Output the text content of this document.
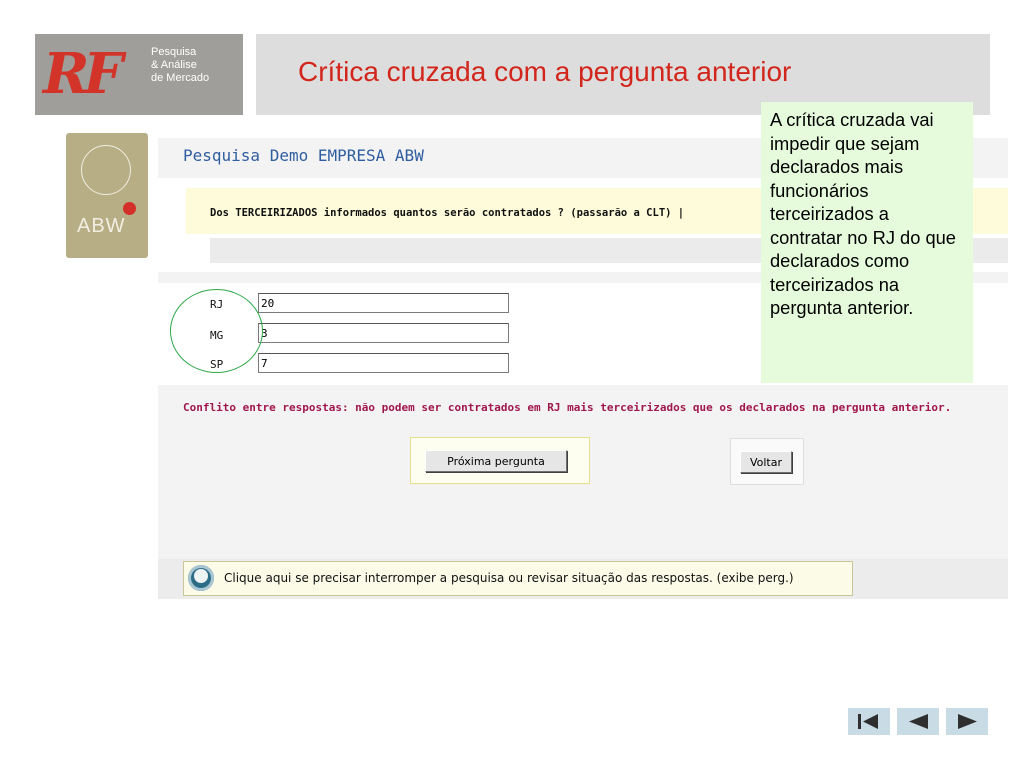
RF	Pesquisa
& Análise
de Mercado	Crítica cruzada com a pergunta anterior
ABW
Pesquisa Demo EMPRESA ABW
Dos TERCEIRIZADOS informados quantos serão contratados ? (passarão a CLT) |
RJ
20
MG
3
SP
7
Conflito entre respostas: não podem ser contratados em RJ mais terceirizados que os declarados na pergunta anterior.
Próxima pergunta	Voltar
Clique aqui se precisar interromper a pesquisa ou revisar situação das respostas. (exibe perg.)
A crítica cruzada vai impedir que sejam declarados mais funcionários terceirizados a contratar no RJ do que declarados como terceirizados na pergunta anterior.
